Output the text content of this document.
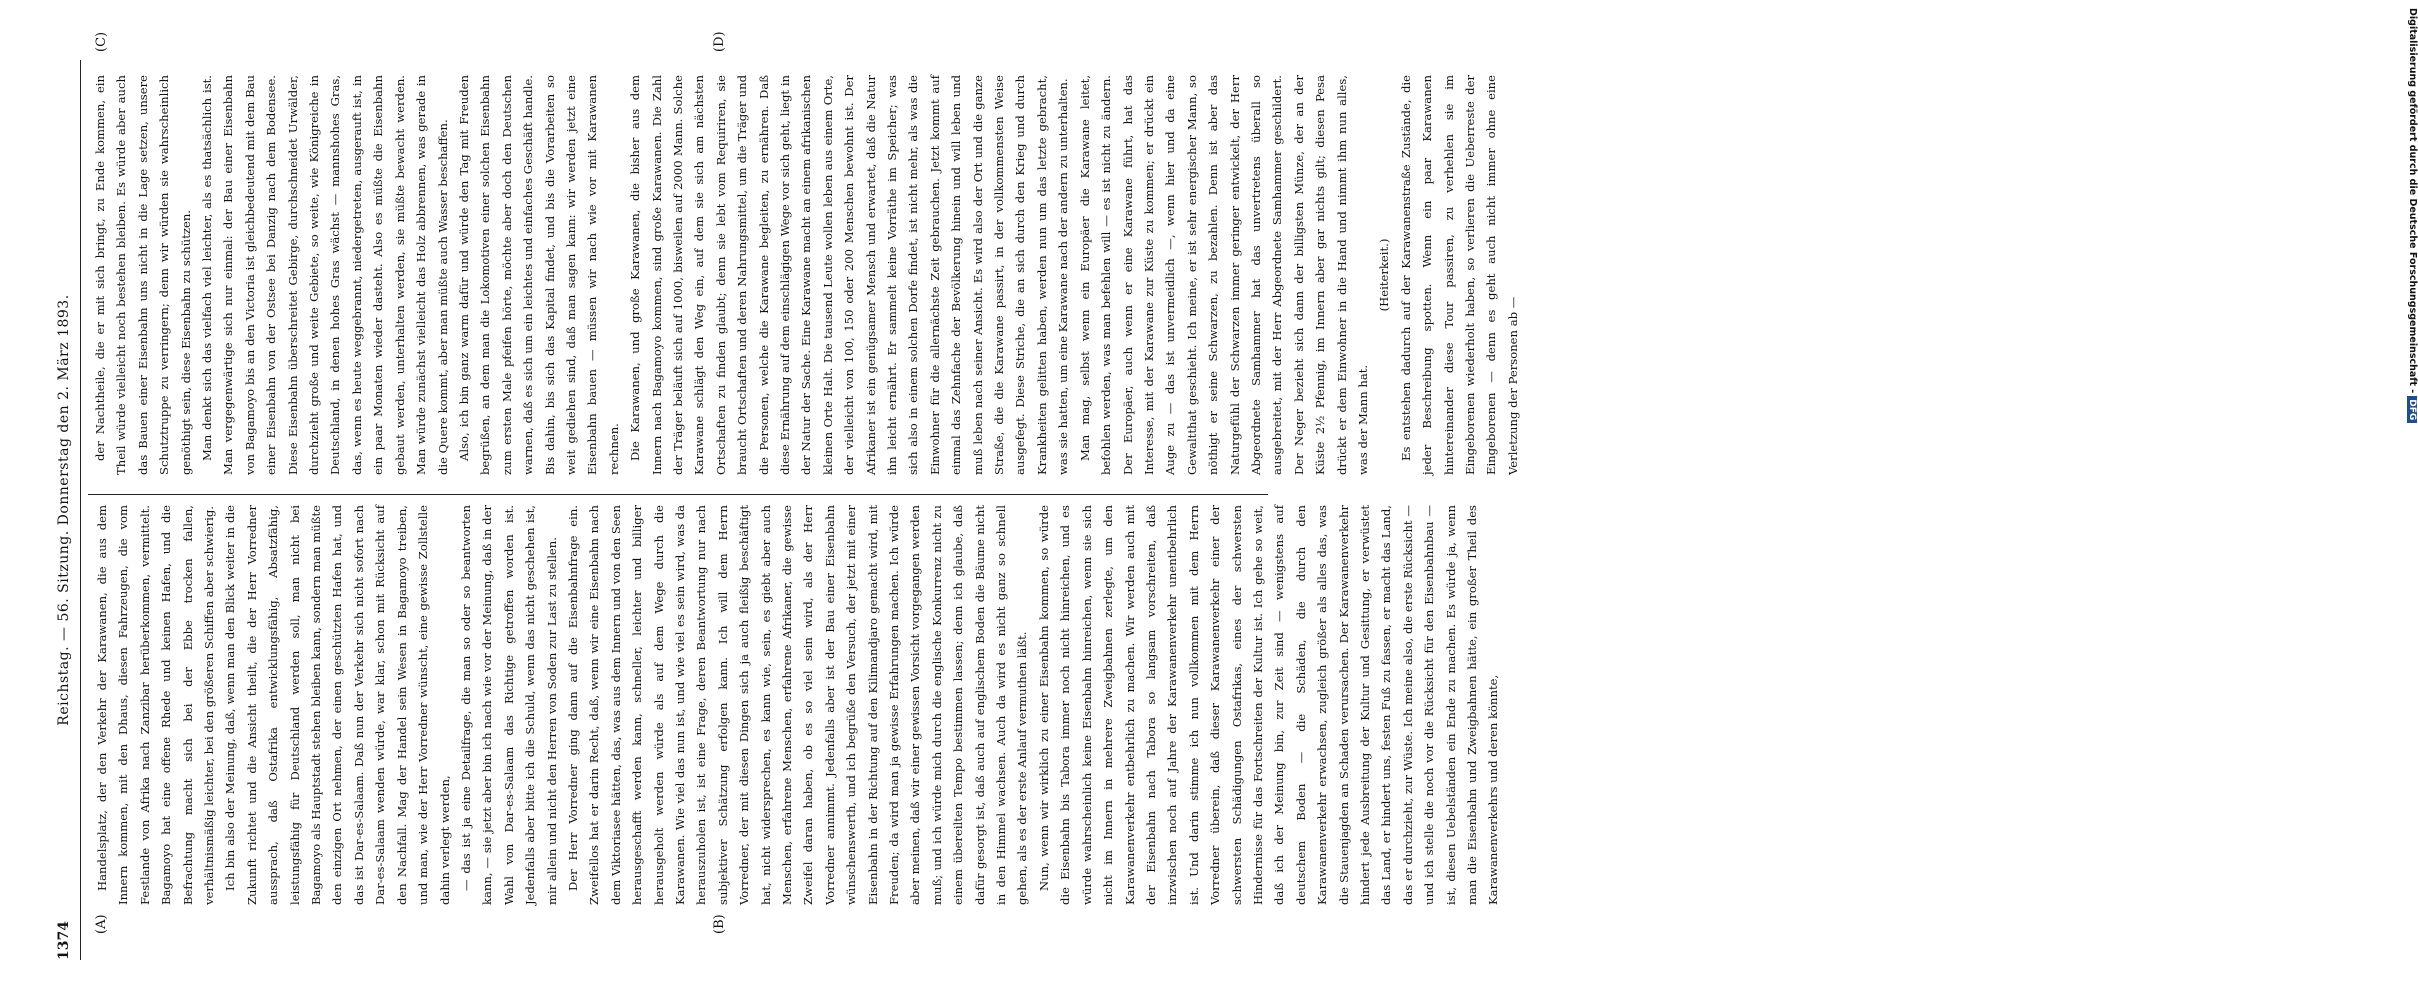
1374
Reichstag. — 56. Sitzung. Donnerstag den 2. März 1893.
(A)	(B)
(C)	(D)

Handelsplatz, der den Verkehr der Karawanen, die aus dem Innern kommen, mit den Dhaus, diesen Fahrzeugen, die vom Festlande von Afrika nach Zanzibar herüberkommen, vermittelt. Bagamoyo hat eine offene Rhede und keinen Hafen, und die Befrachtung macht sich bei der Ebbe trocken fallen, verhältnismäßig leichter, bei den größeren Schiffen aber schwierig. Ich bin also der Meinung, daß, wenn man den Blick weiter in die Zukunft richtet und die Ansicht theilt, die der Herr Vorredner aussprach, daß Ostafrika entwicklungsfähig, Absatzfähig, leistungsfähig für Deutschland werden soll, man nicht bei Bagamoyo als Hauptstadt stehen bleiben kann, sondern man müßte den einzigen Ort nehmen, der einen geschützten Hafen hat, und das ist Dar-es-Salaam. Daß nun der Verkehr sich nicht sofort nach Dar-es-Salaam wenden würde, war klar, schon mit Rücksicht auf den Nachfall. Mag der Handel sein Wesen in Bagamoyo treiben, und man, wie der Herr Vorredner wünscht, eine gewisse Zollstelle dahin verlegt werden, — das ist ja eine Detailfrage, die man so oder so beantworten kann, — sie jetzt aber bin ich nach wie vor der Meinung, daß in der Wahl von Dar-es-Salaam das Richtige getroffen worden ist. Jedenfalls aber bitte ich die Schuld, wenn das nicht geschehen ist, mir allein und nicht den Herren von Soden zur Last zu stellen. Der Herr Vorredner ging dann auf die Eisenbahnfrage ein. Zweifellos hat er darin Recht, daß, wenn wir eine Eisenbahn nach dem Viktoriasee hätten, das, was aus dem Innern und von den Seen herausgeschafft werden kann, schneller, leichter und billiger herausgeholt werden würde als auf dem Wege durch die Karawanen. Wie viel das nun ist, und wie viel es sein wird, was da herauszuholen ist, ist eine Frage, deren Beantwortung nur nach subjektiver Schätzung erfolgen kann. Ich will dem Herrn Vorredner, der mit diesen Dingen sich ja auch fleißig beschäftigt hat, nicht widersprechen, es kann wie, sein, es giebt aber auch Menschen, erfahrene Menschen, erfahrene Afrikaner, die gewisse Zweifel daran haben, ob es so viel sein wird, als der Herr Vorredner annimmt. Jedenfalls aber ist der Bau einer Eisenbahn wünschenswerth, und ich begrüße den Versuch, der jetzt mit einer Eisenbahn in der Richtung auf den Kilimandjaro gemacht wird, mit Freuden; da wird man ja gewisse Erfahrungen machen. Ich würde aber meinen, daß wir einer gewissen Vorsicht vorgegangen werden muß; und ich würde mich durch die englische Konkurrenz nicht zu einem übereilten Tempo bestimmen lassen; denn ich glaube, daß dafür gesorgt ist, daß auch auf englischem Boden die Bäume nicht in den Himmel wachsen. Auch da wird es nicht ganz so schnell gehen, als es der erste Anlauf vermuthen läßt. Nun, wenn wir wirklich zu einer Eisenbahn kommen, so würde die Eisenbahn bis Tabora immer noch nicht hinreichen, und es würde wahrscheinlich keine Eisenbahn hinreichen, wenn sie sich nicht im Innern in mehrere Zweigbahnen zerlegte, um den Karawanenverkehr entbehrlich zu machen. Wir werden auch mit der Eisenbahn nach Tabora so langsam vorschreiten, daß inzwischen noch auf Jahre der Karawanenverkehr unentbehrlich ist. Und darin stimme ich nun vollkommen mit dem Herrn Vorredner überein, daß dieser Karawanenverkehr einer der schwersten Schädigungen Ostafrikas, eines der schwersten Hindernisse für das Fortschreiten der Kultur ist. Ich gehe so weit, daß ich der Meinung bin, zur Zeit sind — wenigstens auf deutschem Boden — die Schäden, die durch den Karawanenverkehr erwachsen, zugleich größer als alles das, was die Stauenjagden an Schaden verursachen. Der Karawanenverkehr hindert jede Ausbreitung der Kultur und Gesittung, er verwüstet das Land, er hindert uns, festen Fuß zu fassen, er macht das Land, das er durchzieht, zur Wüste. Ich meine also, die erste Rücksicht — und ich stelle die noch vor die Rücksicht für den Eisenbahnbau — ist, diesen Uebelständen ein Ende zu machen. Es würde ja, wenn man die Eisenbahn und Zweigbahnen hätte, ein großer Theil des Karawanenverkehrs und deren könnte,

der Nachtheile, die er mit sich bringt, zu Ende kommen, ein Theil würde vielleicht noch bestehen bleiben. Es würde aber auch das Bauen einer Eisenbahn uns nicht in die Lage setzen, unsere Schutztruppe zu verringern; denn wir würden sie wahrscheinlich genöthigt sein, diese Eisenbahn zu schützen. Man denkt sich das vielfach viel leichter, als es thatsächlich ist. Man vergegenwärtige sich nur einmal: der Bau einer Eisenbahn von Bagamoyo bis an den Victoria ist gleichbedeutend mit dem Bau einer Eisenbahn von der Ostsee bei Danzig nach dem Bodensee. Diese Eisenbahn überschreitet Gebirge, durchschneidet Urwälder, durchzieht große und weite Gebiete, so weite, wie Königreiche in Deutschland, in denen hohes Gras wächst — mannshohes Gras, das, wenn es heute weggebrannt, niedergetreten, ausgerauft ist, in ein paar Monaten wieder dasteht. Also es müßte die Eisenbahn gebaut werden, unterhalten werden, sie müßte bewacht werden. Man würde zunächst vielleicht das Holz abbrennen, was gerade in die Quere kommt, aber man müßte auch Wasser beschaffen. Also, ich bin ganz warm dafür und würde den Tag mit Freuden begrüßen, an dem man die Lokomotiven einer solchen Eisenbahn zum ersten Male pfeifen hörte, möchte aber doch den Deutschen warnen, daß es sich um ein leichtes und einfaches Geschäft handle. Bis dahin, bis sich das Kapital findet, und bis die Vorarbeiten so weit gediehen sind, daß man sagen kann: wir werden jetzt eine Eisenbahn bauen — müssen wir nach wie vor mit Karawanen rechnen. Die Karawanen, und große Karawanen, die bisher aus dem Innern nach Bagamoyo kommen, sind große Karawanen. Die Zahl der Träger beläuft sich auf 1000, bisweilen auf 2000 Mann. Solche Karawane schlägt den Weg ein, auf dem sie sich am nächsten Ortschaften zu finden glaubt; denn sie lebt vom Requiriren, sie braucht Ortschaften und deren Nahrungsmittel, um die Träger und die Personen, welche die Karawane begleiten, zu ernähren. Daß diese Ernährung auf dem einschlägigen Wege vor sich geht, liegt in der Natur der Sache. Eine Karawane macht an einem afrikanischen kleinen Orte Halt. Die tausend Leute wollen leben aus einem Orte, der vielleicht von 100, 150 oder 200 Menschen bewohnt ist. Der Afrikaner ist ein genügsamer Mensch und erwartet, daß die Natur ihn leicht ernährt. Er sammelt keine Vorräthe im Speicher; was sich also in einem solchen Dorfe findet, ist nicht mehr, als was die Einwohner für die allernächste Zeit gebrauchen. Jetzt kommt auf einmal das Zehnfache der Bevölkerung hinein und will leben und muß leben nach seiner Ansicht. Es wird also der Ort und die ganze Straße, die die Karawane passirt, in der vollkommensten Weise ausgefegt. Diese Striche, die an sich durch den Krieg und durch Krankheiten gelitten haben, werden nun um das letzte gebracht, was sie hatten, um eine Karawane nach der andern zu unterhalten. Man mag, selbst wenn ein Europäer die Karawane leitet, befohlen werden, was man befehlen will — es ist nicht zu ändern. Der Europäer, auch wenn er eine Karawane führt, hat das Interesse, mit der Karawane zur Küste zu kommen; er drückt ein Auge zu — das ist unvermeidlich —, wenn hier und da eine Gewaltthat geschieht. Ich meine, er ist sehr energischer Mann, so nöthigt er seine Schwarzen, zu bezahlen. Denn ist aber das Naturgefühl der Schwarzen immer geringer entwickelt, der Herr Abgeordnete Samhammer hat das unvertretens überall so ausgebreitet, mit der Herr Abgeordnete Samhammer geschildert. Der Neger bezieht sich dann der billigsten Münze, der an der Küste 2½ Pfennig, im Innern aber gar nichts gilt; diesen Pesa drückt er dem Einwohner in die Hand und nimmt ihm nun alles, was der Mann hat.

(Heiterkeit.) Es entstehen dadurch auf der Karawanenstraße Zustände, die jeder Beschreibung spotten. Wenn ein paar Karawanen hintereinander diese Tour passiren, zu verhehlen sie im Eingeborenen wiederholt haben, so verlieren die Ueberreste der Eingeborenen — denn es geht auch nicht immer ohne eine Verletzung der Personen ab —	Digitalisierung gefördert durch die Deutsche Forschungsgemeinschaft -DFG
